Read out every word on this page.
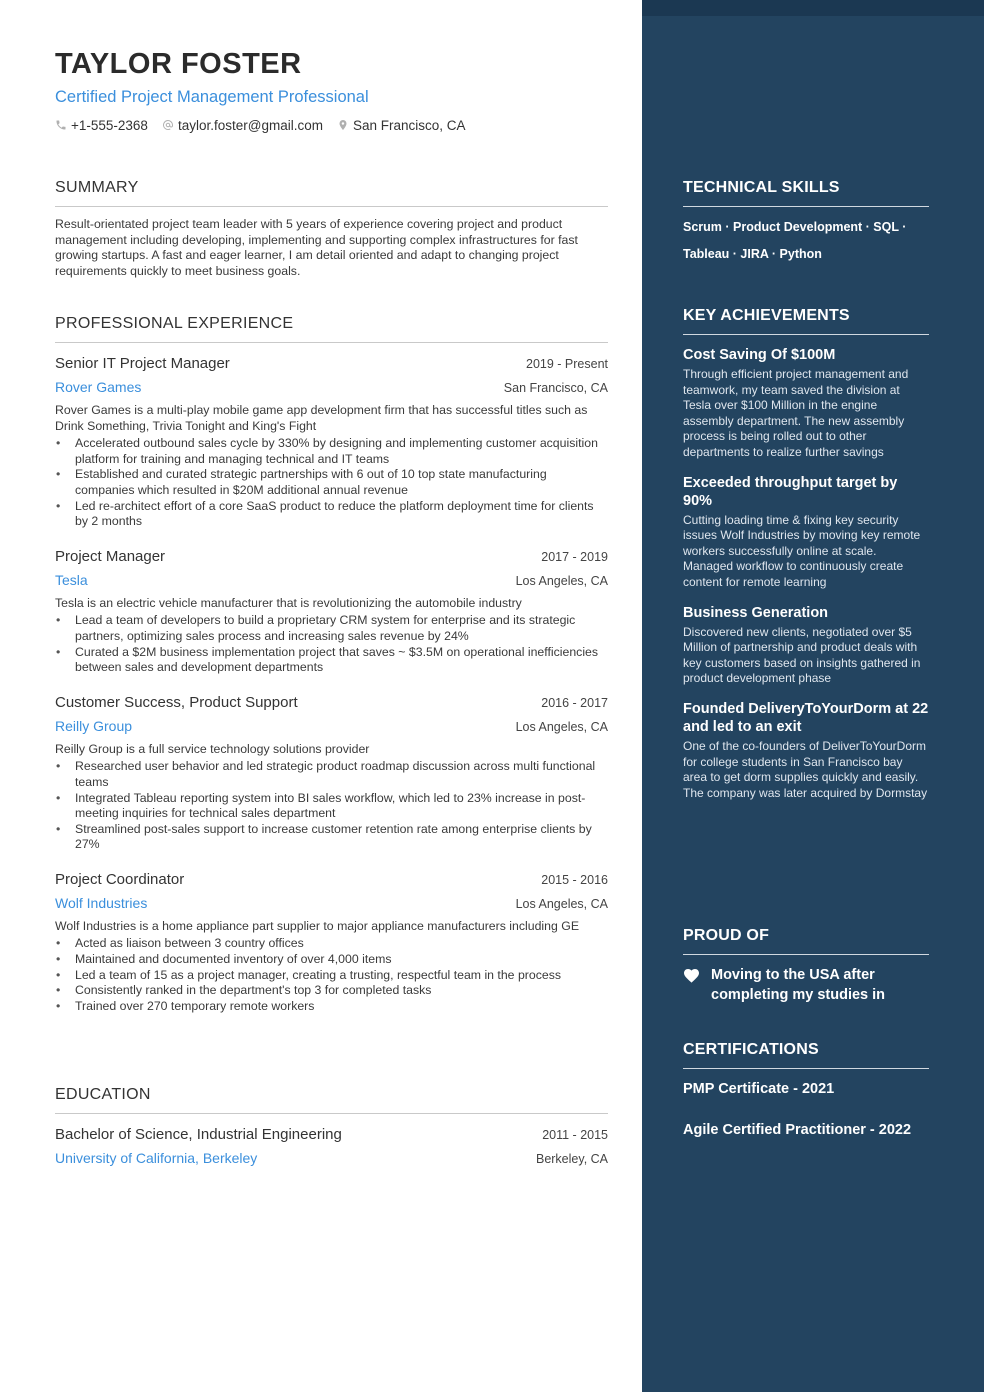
TAYLOR FOSTER
Certified Project Management Professional
+1-555-2368 taylor.foster@gmail.com San Francisco, CA
SUMMARY
Result-orientated project team leader with 5 years of experience covering project and product management including developing, implementing and supporting complex infrastructures for fast growing startups. A fast and eager learner, I am detail oriented and adapt to changing project requirements quickly to meet business goals.
PROFESSIONAL EXPERIENCE
Senior IT Project Manager	2019 - Present
Rover Games	San Francisco, CA
Rover Games is a multi-play mobile game app development firm that has successful titles such as Drink Something, Trivia Tonight and King's Fight
• Accelerated outbound sales cycle by 330% by designing and implementing customer acquisition platform for training and managing technical and IT teams
• Established and curated strategic partnerships with 6 out of 10 top state manufacturing companies which resulted in $20M additional annual revenue
• Led re-architect effort of a core SaaS product to reduce the platform deployment time for clients by 2 months
Project Manager	2017 - 2019
Tesla	Los Angeles, CA
Tesla is an electric vehicle manufacturer that is revolutionizing the automobile industry
• Lead a team of developers to build a proprietary CRM system for enterprise and its strategic partners, optimizing sales process and increasing sales revenue by 24%
• Curated a $2M business implementation project that saves ~ $3.5M on operational inefficiencies between sales and development departments
Customer Success, Product Support	2016 - 2017
Reilly Group	Los Angeles, CA
Reilly Group is a full service technology solutions provider
• Researched user behavior and led strategic product roadmap discussion across multi functional teams
• Integrated Tableau reporting system into BI sales workflow, which led to 23% increase in post-meeting inquiries for technical sales department
• Streamlined post-sales support to increase customer retention rate among enterprise clients by 27%
Project Coordinator	2015 - 2016
Wolf Industries	Los Angeles, CA
Wolf Industries is a home appliance part supplier to major appliance manufacturers including GE
• Acted as liaison between 3 country offices
• Maintained and documented inventory of over 4,000 items
• Led a team of 15 as a project manager, creating a trusting, respectful team in the process
• Consistently ranked in the department's top 3 for completed tasks
• Trained over 270 temporary remote workers
EDUCATION
Bachelor of Science, Industrial Engineering	2011 - 2015
University of California, Berkeley	Berkeley, CA
TECHNICAL SKILLS
Scrum · Product Development · SQL ·
Tableau · JIRA · Python
KEY ACHIEVEMENTS
Cost Saving Of $100M
Through efficient project management and teamwork, my team saved the division at Tesla over $100 Million in the engine assembly department. The new assembly process is being rolled out to other departments to realize further savings
Exceeded throughput target by 90%
Cutting loading time & fixing key security issues Wolf Industries by moving key remote workers successfully online at scale. Managed workflow to continuously create content for remote learning
Business Generation
Discovered new clients, negotiated over $5 Million of partnership and product deals with key customers based on insights gathered in product development phase
Founded DeliveryToYourDorm at 22 and led to an exit
One of the co-founders of DeliverToYourDorm for college students in San Francisco bay area to get dorm supplies quickly and easily. The company was later acquired by Dormstay
PROUD OF
Moving to the USA after completing my studies in
CERTIFICATIONS
PMP Certificate - 2021
Agile Certified Practitioner - 2022
